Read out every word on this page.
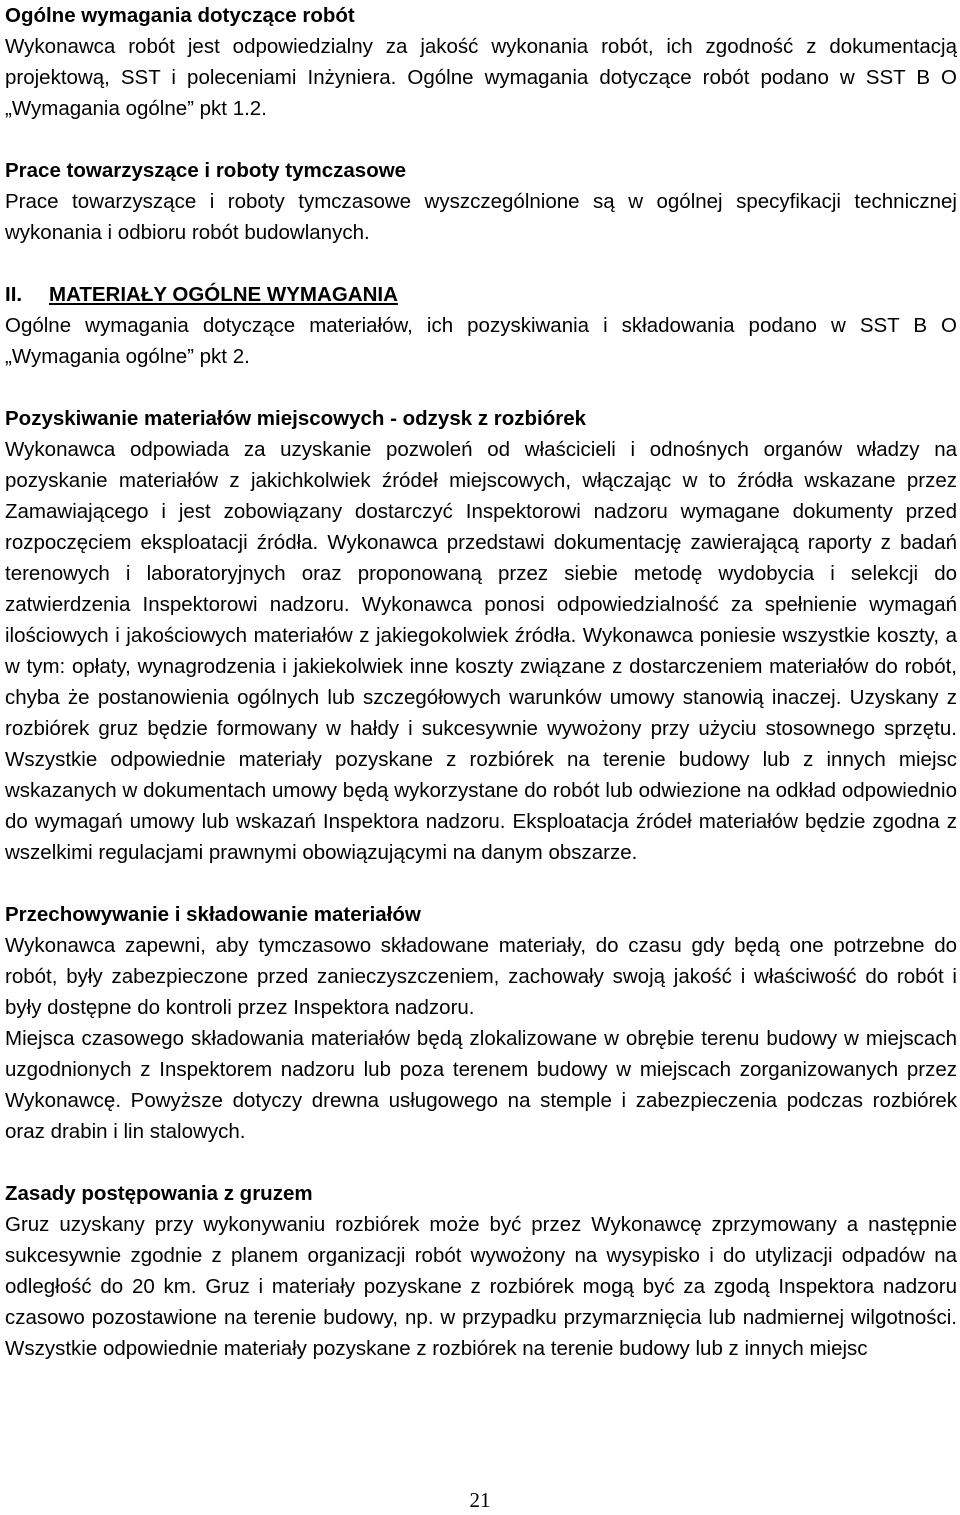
Ogólne wymagania dotyczące robót

Wykonawca robót jest odpowiedzialny za jakość wykonania robót, ich zgodność z dokumentacją projektową, SST i poleceniami Inżyniera. Ogólne wymagania dotyczące robót podano w SST B O „Wymagania ogólne” pkt 1.2.

Prace towarzyszące i roboty tymczasowe

Prace towarzyszące i roboty tymczasowe wyszczególnione są w ogólnej specyfikacji technicznej wykonania i odbioru robót budowlanych.

II. MATERIAŁY OGÓLNE WYMAGANIA

Ogólne wymagania dotyczące materiałów, ich pozyskiwania i składowania podano w SST B O „Wymagania ogólne” pkt 2.

Pozyskiwanie materiałów miejscowych - odzysk z rozbiórek

Wykonawca odpowiada za uzyskanie pozwoleń od właścicieli i odnośnych organów władzy na pozyskanie materiałów z jakichkolwiek źródeł miejscowych, włączając w to źródła wskazane przez Zamawiającego i jest zobowiązany dostarczyć Inspektorowi nadzoru wymagane dokumenty przed rozpoczęciem eksploatacji źródła. Wykonawca przedstawi dokumentację zawierającą raporty z badań terenowych i laboratoryjnych oraz proponowaną przez siebie metodę wydobycia i selekcji do zatwierdzenia Inspektorowi nadzoru. Wykonawca ponosi odpowiedzialność za spełnienie wymagań ilościowych i jakościowych materiałów z jakiegokolwiek źródła. Wykonawca poniesie wszystkie koszty, a w tym: opłaty, wynagrodzenia i jakiekolwiek inne koszty związane z dostarczeniem materiałów do robót, chyba że postanowienia ogólnych lub szczegółowych warunków umowy stanowią inaczej. Uzyskany z rozbiórek gruz będzie formowany w hałdy i sukcesywnie wywożony przy użyciu stosownego sprzętu. Wszystkie odpowiednie materiały pozyskane z rozbiórek na terenie budowy lub z innych miejsc wskazanych w dokumentach umowy będą wykorzystane do robót lub odwiezione na odkład odpowiednio do wymagań umowy lub wskazań Inspektora nadzoru. Eksploatacja źródeł materiałów będzie zgodna z wszelkimi regulacjami prawnymi obowiązującymi na danym obszarze.

Przechowywanie i składowanie materiałów

Wykonawca zapewni, aby tymczasowo składowane materiały, do czasu gdy będą one potrzebne do robót, były zabezpieczone przed zanieczyszczeniem, zachowały swoją jakość i właściwość do robót i były dostępne do kontroli przez Inspektora nadzoru.

Miejsca czasowego składowania materiałów będą zlokalizowane w obrębie terenu budowy w miejscach uzgodnionych z Inspektorem nadzoru lub poza terenem budowy w miejscach zorganizowanych przez Wykonawcę. Powyższe dotyczy drewna usługowego na stemple i zabezpieczenia podczas rozbiórek oraz drabin i lin stalowych.

Zasady postępowania z gruzem

Gruz uzyskany przy wykonywaniu rozbiórek może być przez Wykonawcę zprzymowany a następnie sukcesywnie zgodnie z planem organizacji robót wywożony na wysypisko i do utylizacji odpadów na odległość do 20 km. Gruz i materiały pozyskane z rozbiórek mogą być za zgodą Inspektora nadzoru czasowo pozostawione na terenie budowy, np. w przypadku przymarznięcia lub nadmiernej wilgotności. Wszystkie odpowiednie materiały pozyskane z rozbiórek na terenie budowy lub z innych miejsc

21
